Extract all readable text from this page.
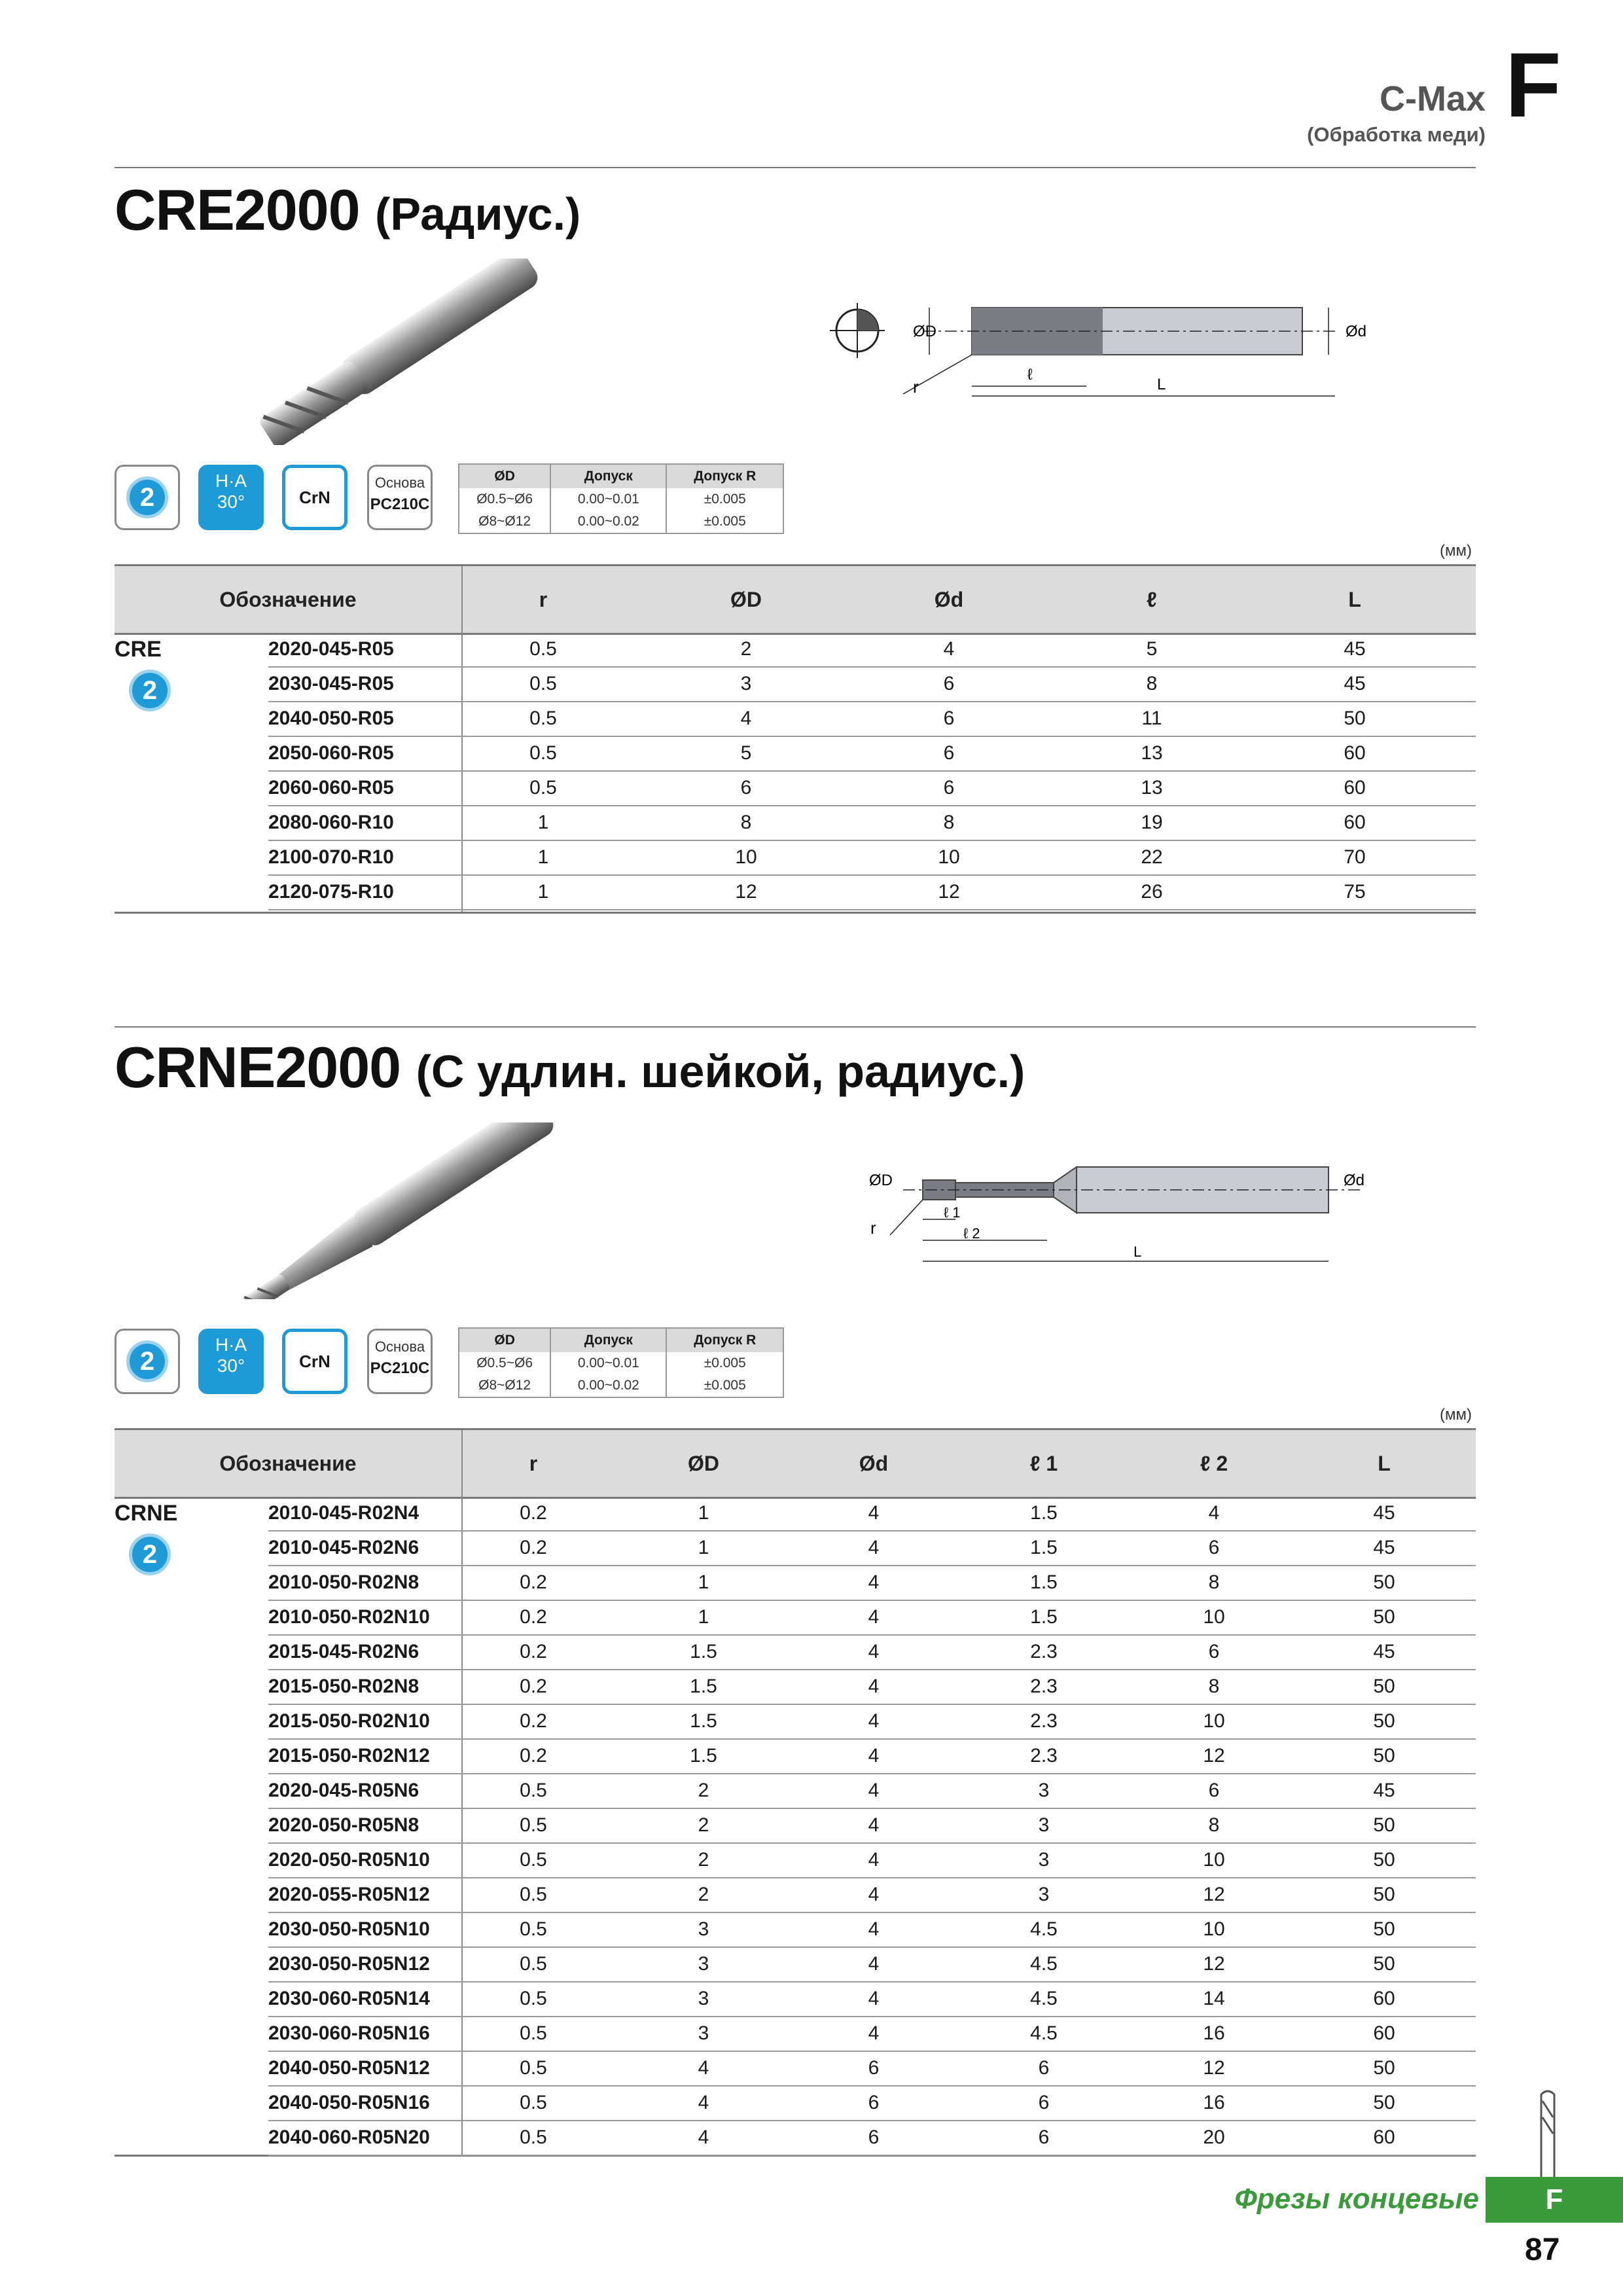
C-Max
(Обработка меди) F
CRE2000 (Радиус.)
ØD	Ød
ℓ
L
r
2
H·A
30°	CrN
Основа
PC210C
ØD	Допуск	Допуск R
Ø0.5~Ø6	0.00~0.01	±0.005
Ø8~Ø12	0.00~0.02	±0.005
(мм)
Обозначение	r	ØD	Ød	ℓ	L
CRE
2
2020-045-R05	0.5	2	4	5	45
2030-045-R05	0.5	3	6	8	45
2040-050-R05	0.5	4	6	11	50
2050-060-R05	0.5	5	6	13	60
2060-060-R05	0.5	6	6	13	60
2080-060-R10	1	8	8	19	60
2100-070-R10	1	10	10	22	70
2120-075-R10	1	12	12	26	75
CRNE2000 (С удлин. шейкой, радиус.)
ØD	Ød
ℓ 1
ℓ 2
L
r
2
H·A
30°	CrN
Основа
PC210C
ØD	Допуск	Допуск R
Ø0.5~Ø6	0.00~0.01	±0.005
Ø8~Ø12	0.00~0.02	±0.005
(мм)
Обозначение	r	ØD	Ød	ℓ 1	ℓ 2	L
CRNE
2
2010-045-R02N4	0.2	1	4	1.5	4	45
2010-045-R02N6	0.2	1	4	1.5	6	45
2010-050-R02N8	0.2	1	4	1.5	8	50
2010-050-R02N10	0.2	1	4	1.5	10	50
2015-045-R02N6	0.2	1.5	4	2.3	6	45
2015-050-R02N8	0.2	1.5	4	2.3	8	50
2015-050-R02N10	0.2	1.5	4	2.3	10	50
2015-050-R02N12	0.2	1.5	4	2.3	12	50
2020-045-R05N6	0.5	2	4	3	6	45
2020-050-R05N8	0.5	2	4	3	8	50
2020-050-R05N10	0.5	2	4	3	10	50
2020-055-R05N12	0.5	2	4	3	12	50
2030-050-R05N10	0.5	3	4	4.5	10	50
2030-050-R05N12	0.5	3	4	4.5	12	50
2030-060-R05N14	0.5	3	4	4.5	14	60
2030-060-R05N16	0.5	3	4	4.5	16	60
2040-050-R05N12	0.5	4	6	6	12	50
2040-050-R05N16	0.5	4	6	6	16	50
2040-060-R05N20	0.5	4	6	6	20	60
Фрезы концевые	F
87
